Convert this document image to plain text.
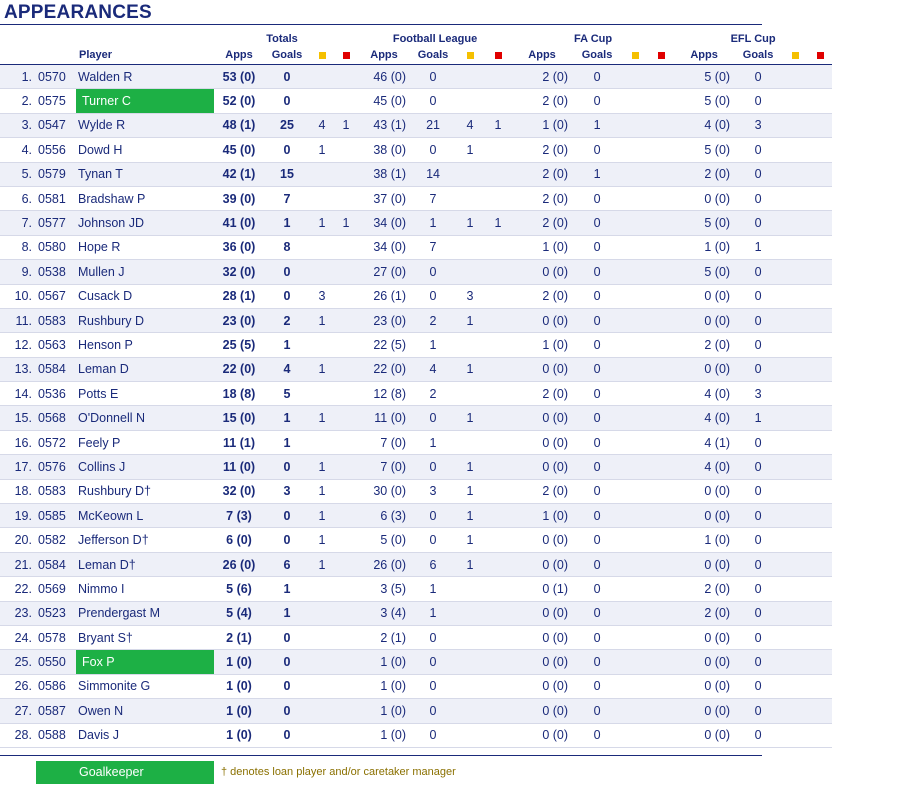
APPEARANCES
			Totals				Football League				FA Cup				EFL Cup			
		Player	Apps	Goals			Apps	Goals			Apps	Goals			Apps	Goals		
1.	0570	Walden R	53 (0)	0			46 (0)	0			2 (0)	0			5 (0)	0		
2.	0575	Turner C	52 (0)	0			45 (0)	0			2 (0)	0			5 (0)	0		
3.	0547	Wylde R	48 (1)	25	4	1	43 (1)	21	4	1	1 (0)	1			4 (0)	3		
4.	0556	Dowd H	45 (0)	0	1		38 (0)	0	1		2 (0)	0			5 (0)	0		
5.	0579	Tynan T	42 (1)	15			38 (1)	14			2 (0)	1			2 (0)	0		
6.	0581	Bradshaw P	39 (0)	7			37 (0)	7			2 (0)	0			0 (0)	0		
7.	0577	Johnson JD	41 (0)	1	1	1	34 (0)	1	1	1	2 (0)	0			5 (0)	0		
8.	0580	Hope R	36 (0)	8			34 (0)	7			1 (0)	0			1 (0)	1		
9.	0538	Mullen J	32 (0)	0			27 (0)	0			0 (0)	0			5 (0)	0		
10.	0567	Cusack D	28 (1)	0	3		26 (1)	0	3		2 (0)	0			0 (0)	0		
11.	0583	Rushbury D	23 (0)	2	1		23 (0)	2	1		0 (0)	0			0 (0)	0		
12.	0563	Henson P	25 (5)	1			22 (5)	1			1 (0)	0			2 (0)	0		
13.	0584	Leman D	22 (0)	4	1		22 (0)	4	1		0 (0)	0			0 (0)	0		
14.	0536	Potts E	18 (8)	5			12 (8)	2			2 (0)	0			4 (0)	3		
15.	0568	O'Donnell N	15 (0)	1	1		11 (0)	0	1		0 (0)	0			4 (0)	1		
16.	0572	Feely P	11 (1)	1			7 (0)	1			0 (0)	0			4 (1)	0		
17.	0576	Collins J	11 (0)	0	1		7 (0)	0	1		0 (0)	0			4 (0)	0		
18.	0583	Rushbury D†	32 (0)	3	1		30 (0)	3	1		2 (0)	0			0 (0)	0		
19.	0585	McKeown L	7 (3)	0	1		6 (3)	0	1		1 (0)	0			0 (0)	0		
20.	0582	Jefferson D†	6 (0)	0	1		5 (0)	0	1		0 (0)	0			1 (0)	0		
21.	0584	Leman D†	26 (0)	6	1		26 (0)	6	1		0 (0)	0			0 (0)	0		
22.	0569	Nimmo I	5 (6)	1			3 (5)	1			0 (1)	0			2 (0)	0		
23.	0523	Prendergast M	5 (4)	1			3 (4)	1			0 (0)	0			2 (0)	0		
24.	0578	Bryant S†	2 (1)	0			2 (1)	0			0 (0)	0			0 (0)	0		
25.	0550	Fox P	1 (0)	0			1 (0)	0			0 (0)	0			0 (0)	0		
26.	0586	Simmonite G	1 (0)	0			1 (0)	0			0 (0)	0			0 (0)	0		
27.	0587	Owen N	1 (0)	0			1 (0)	0			0 (0)	0			0 (0)	0		
28.	0588	Davis J	1 (0)	0			1 (0)	0			0 (0)	0			0 (0)	0		
Goalkeeper	† denotes loan player and/or caretaker manager
